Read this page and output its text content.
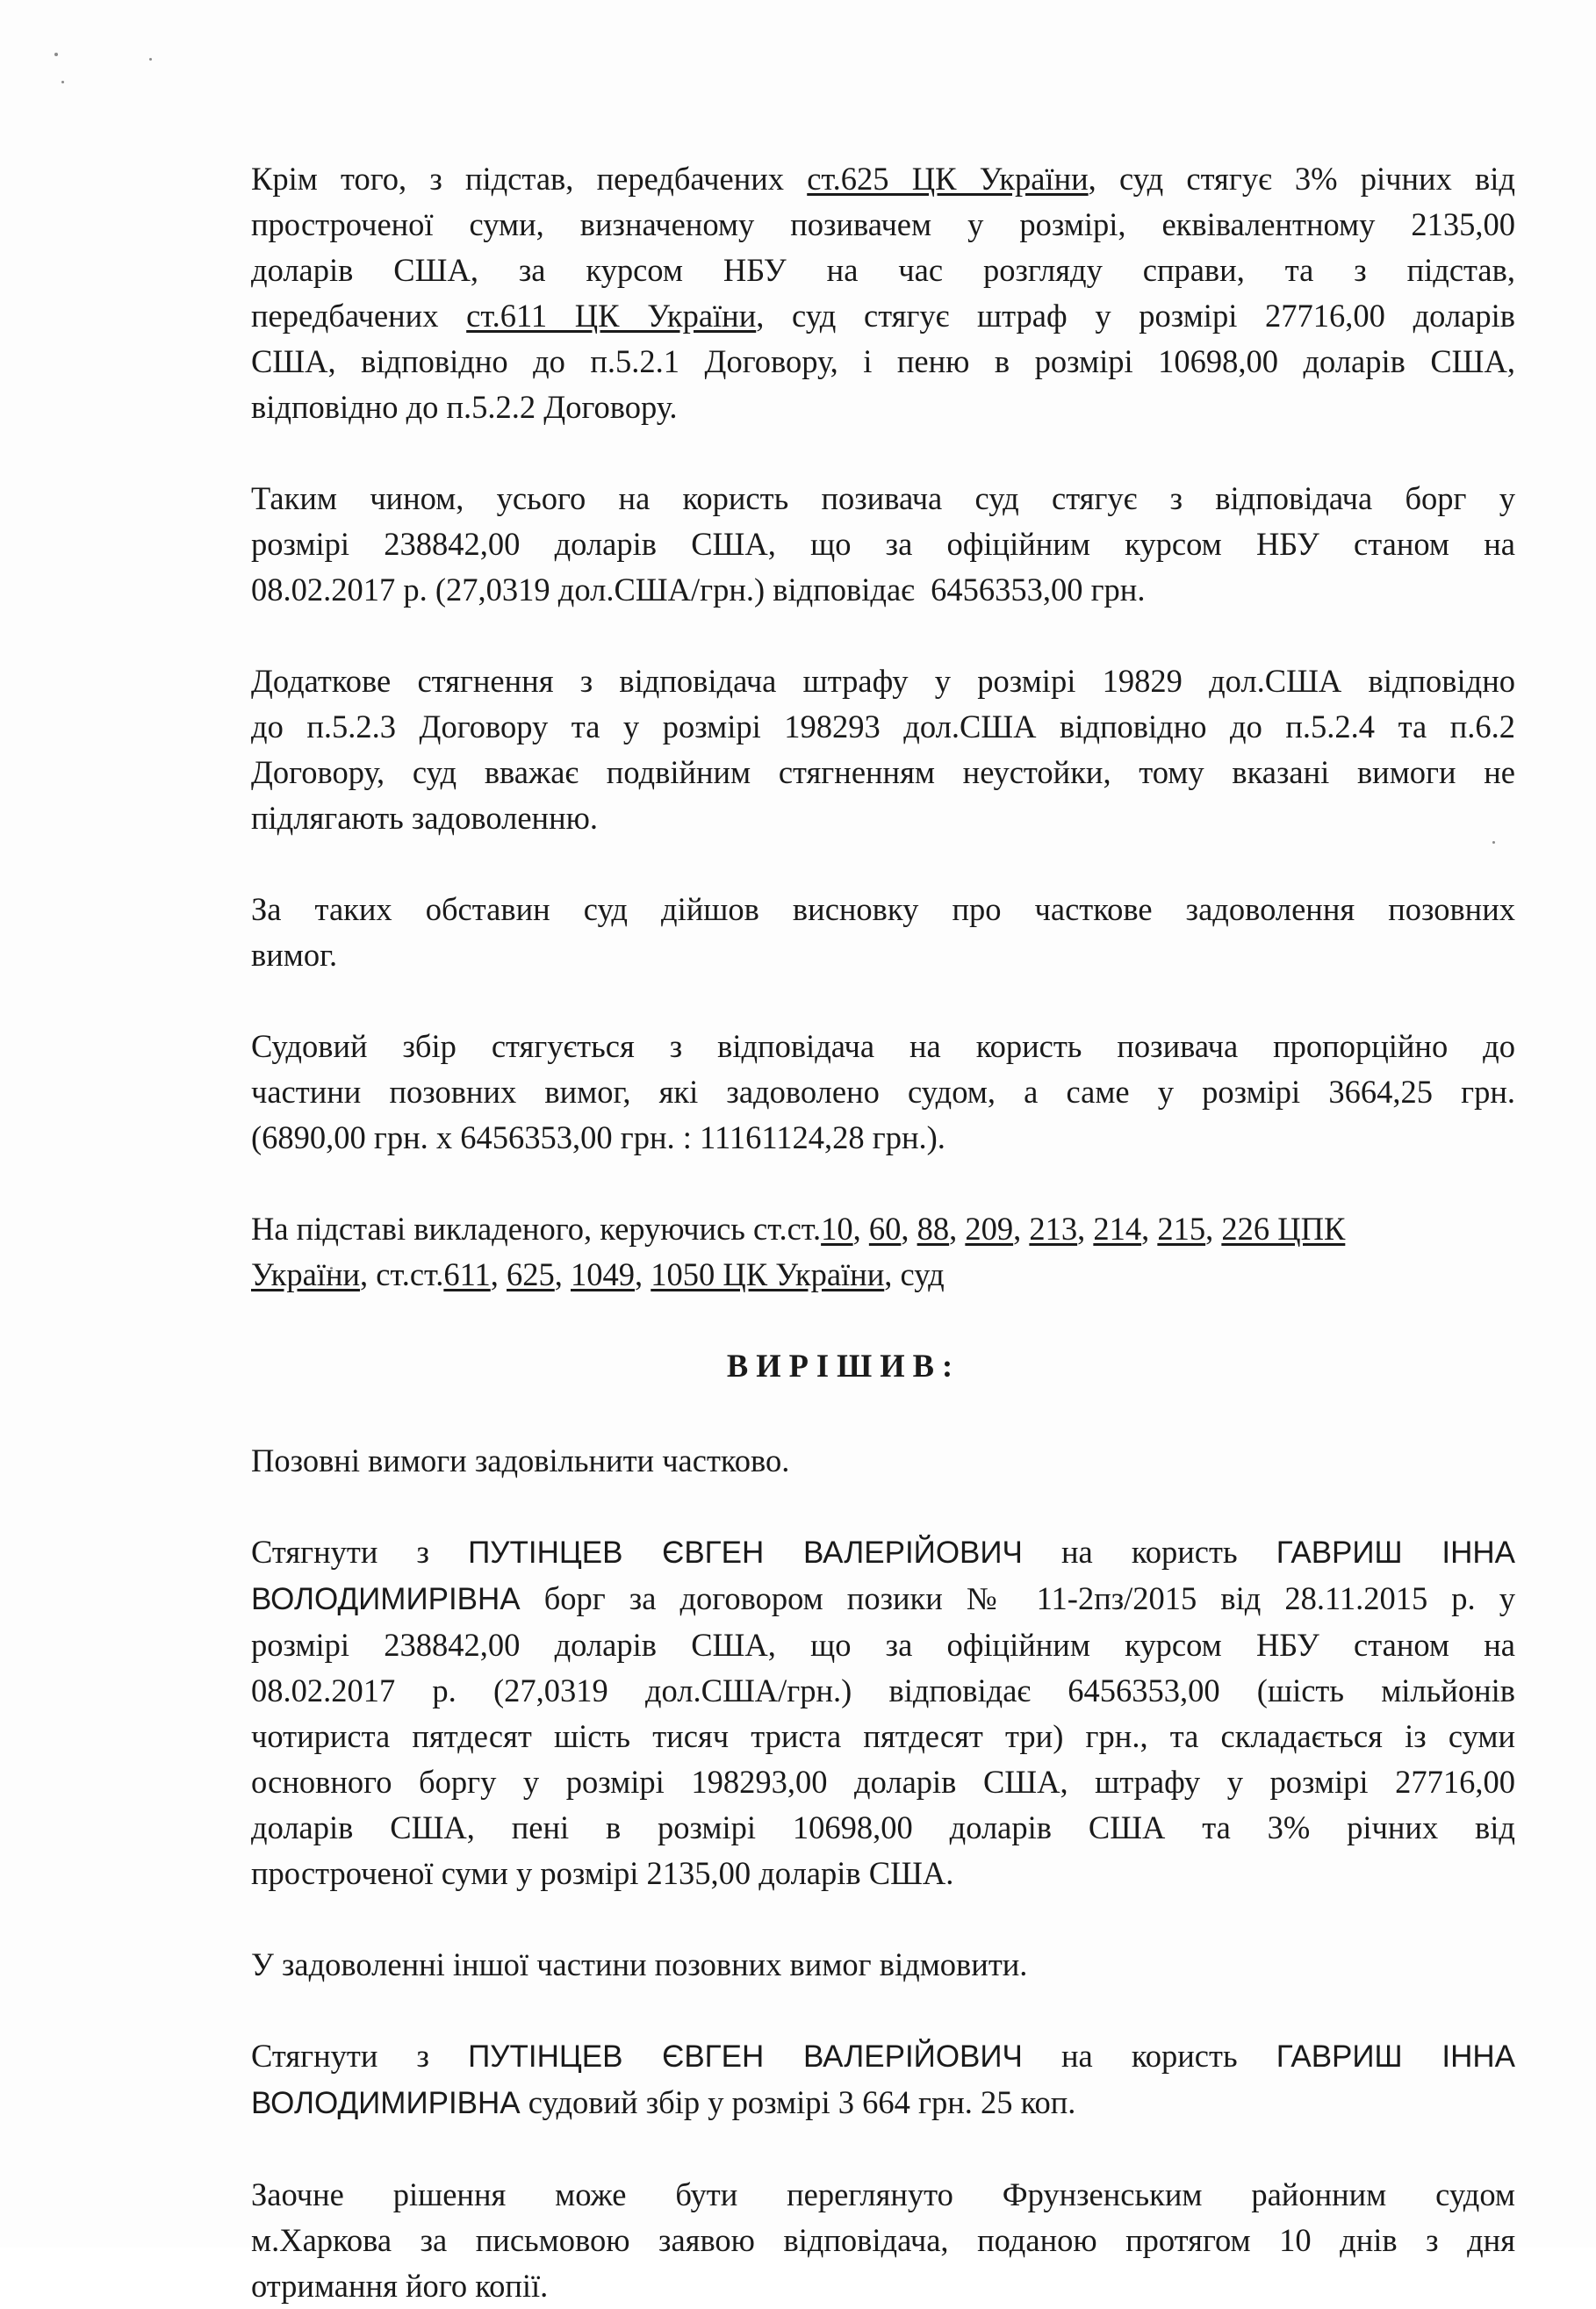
Крім того, з підстав, передбачених ст.625 ЦК України, суд стягує 3% річних від
простроченої суми, визначеному позивачем у розмірі, еквівалентному 2135,00
доларів США, за курсом НБУ на час розгляду справи, та з підстав,
передбачених ст.611 ЦК України, суд стягує штраф у розмірі 27716,00 доларів
США, відповідно до п.5.2.1 Договору, і пеню в розмірі 10698,00 доларів США,
відповідно до п.5.2.2 Договору.
Таким чином, усього на користь позивача суд стягує з відповідача борг у
розмірі 238842,00 доларів США, що за офіційним курсом НБУ станом на
08.02.2017 р. (27,0319 дол.США/грн.) відповідає  6456353,00 грн.
Додаткове стягнення з відповідача штрафу у розмірі 19829 дол.США відповідно
до п.5.2.3 Договору та у розмірі 198293 дол.США відповідно до п.5.2.4 та п.6.2
Договору, суд вважає подвійним стягненням неустойки, тому вказані вимоги не
підлягають задоволенню.
За таких обставин суд дійшов висновку про часткове задоволення позовних
вимог.
Судовий збір стягується з відповідача на користь позивача пропорційно до
частини позовних вимог, які задоволено судом, а саме у розмірі 3664,25 грн.
(6890,00 грн. х 6456353,00 грн. : 11161124,28 грн.).
На підставі викладеного, керуючись ст.ст.10, 60, 88, 209, 213, 214, 215, 226 ЦПК
України, ст.ст.611, 625, 1049, 1050 ЦК України, суд
ВИРІШИВ:
Позовні вимоги задовільнити частково.
Стягнути з ПУТІНЦЕВ ЄВГЕН ВАЛЕРІЙОВИЧ на користь ГАВРИШ ІННА
ВОЛОДИМИРІВНА борг за договором позики № 11-2пз/2015 від 28.11.2015 р. у
розмірі 238842,00 доларів США, що за офіційним курсом НБУ станом на
08.02.2017 р. (27,0319 дол.США/грн.) відповідає 6456353,00 (шість мільйонів
чотириста пятдесят шість тисяч триста пятдесят три) грн., та складається із суми
основного боргу у розмірі 198293,00 доларів США, штрафу у розмірі 27716,00
доларів США, пені в розмірі 10698,00 доларів США та 3% річних від
простроченої суми у розмірі 2135,00 доларів США.
У задоволенні іншої частини позовних вимог відмовити.
Стягнути з ПУТІНЦЕВ ЄВГЕН ВАЛЕРІЙОВИЧ на користь ГАВРИШ ІННА
ВОЛОДИМИРІВНА судовий збір у розмірі 3 664 грн. 25 коп.
Заочне рішення може бути переглянуто Фрунзенським районним судом
м.Харкова за письмовою заявою відповідача, поданою протягом 10 днів з дня
отримання його копії.
